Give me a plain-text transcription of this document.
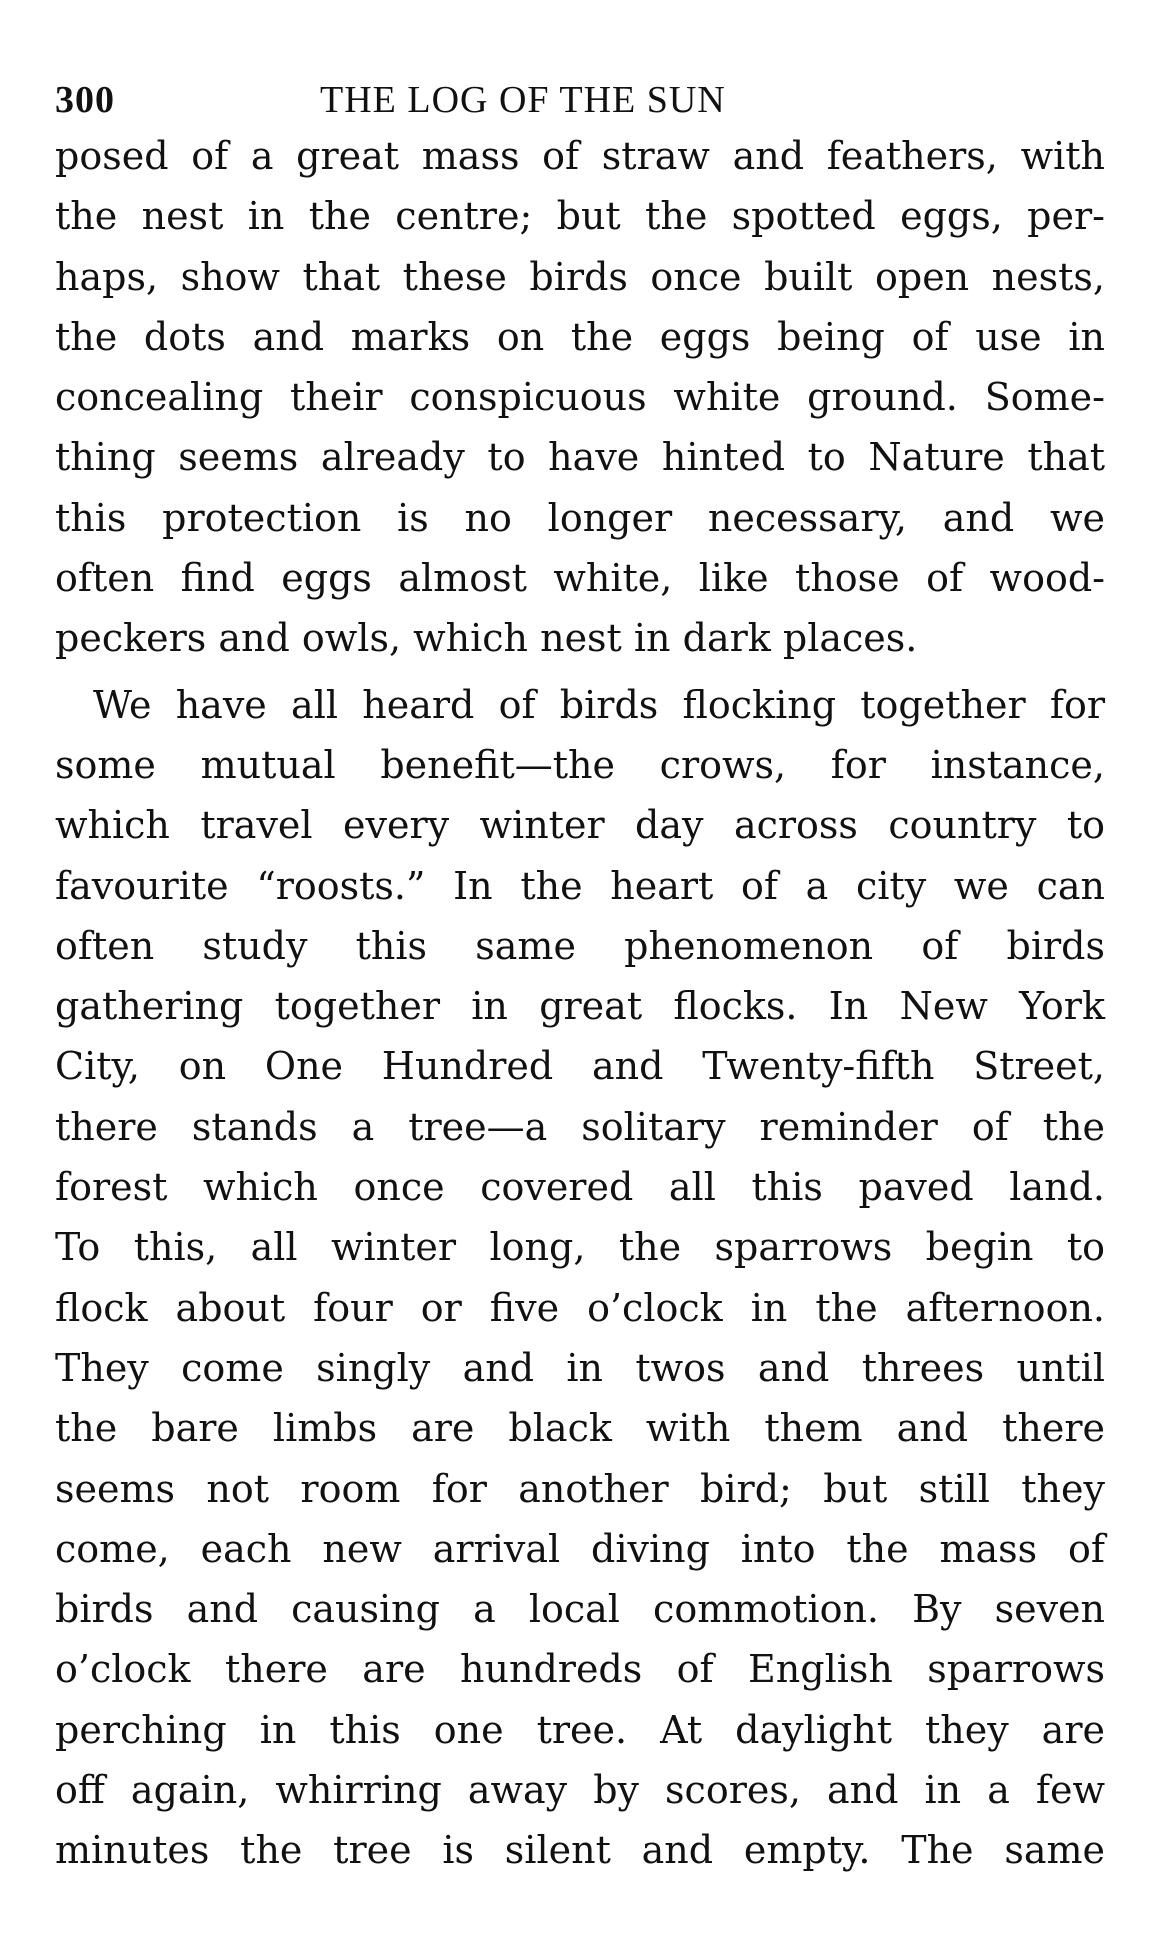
300	THE LOG OF THE SUN
posed of a great mass of straw and feathers, with
the nest in the centre; but the spotted eggs, per-
haps, show that these birds once built open nests,
the dots and marks on the eggs being of use in
concealing their conspicuous white ground. Some-
thing seems already to have hinted to Nature that
this protection is no longer necessary, and we
often find eggs almost white, like those of wood-
peckers and owls, which nest in dark places.
We have all heard of birds flocking together for
some mutual benefit—the crows, for instance,
which travel every winter day across country to
favourite “roosts.” In the heart of a city we can
often study this same phenomenon of birds
gathering together in great flocks. In New York
City, on One Hundred and Twenty-fifth Street,
there stands a tree—a solitary reminder of the
forest which once covered all this paved land.
To this, all winter long, the sparrows begin to
flock about four or five o’clock in the afternoon.
They come singly and in twos and threes until
the bare limbs are black with them and there
seems not room for another bird; but still they
come, each new arrival diving into the mass of
birds and causing a local commotion. By seven
o’clock there are hundreds of English sparrows
perching in this one tree. At daylight they are
off again, whirring away by scores, and in a few
minutes the tree is silent and empty. The same
